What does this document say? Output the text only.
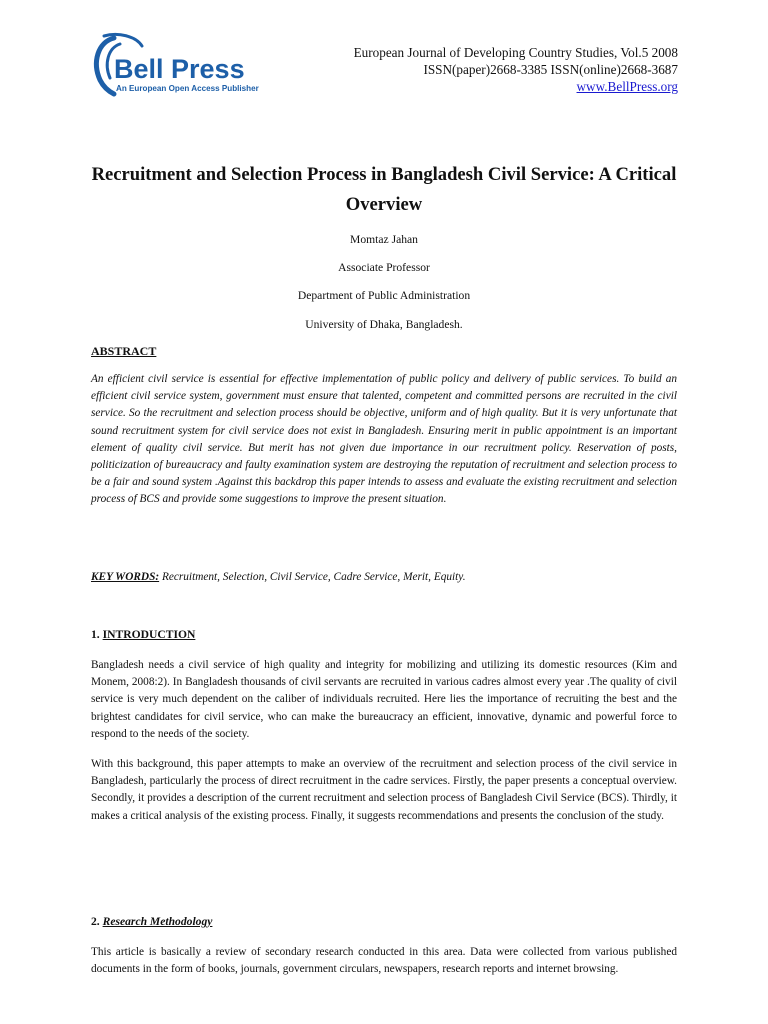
Bell Press
An European Open Access Publisher
European Journal of Developing Country Studies, Vol.5 2008
ISSN(paper)2668-3385 ISSN(online)2668-3687
www.BellPress.org
Recruitment and Selection Process in Bangladesh Civil Service: A Critical Overview
Momtaz Jahan
Associate Professor
Department of Public Administration
University of Dhaka, Bangladesh.
ABSTRACT
An efficient civil service is essential for effective implementation of public policy and delivery of public services. To build an efficient civil service system, government must ensure that talented, competent and committed persons are recruited in the civil service. So the recruitment and selection process should be objective, uniform and of high quality. But it is very unfortunate that sound recruitment system for civil service does not exist in Bangladesh. Ensuring merit in public appointment is an important element of quality civil service. But merit has not given due importance in our recruitment policy. Reservation of posts, politicization of bureaucracy and faulty examination system are destroying the reputation of recruitment and selection process to be a fair and sound system .Against this backdrop this paper intends to assess and evaluate the existing recruitment and selection process of BCS and provide some suggestions to improve the present situation.
KEY WORDS: Recruitment, Selection, Civil Service, Cadre Service, Merit, Equity.
1. INTRODUCTION
Bangladesh needs a civil service of high quality and integrity for mobilizing and utilizing its domestic resources (Kim and Monem, 2008:2). In Bangladesh thousands of civil servants are recruited in various cadres almost every year .The quality of civil service is very much dependent on the caliber of individuals recruited. Here lies the importance of recruiting the best and the brightest candidates for civil service, who can make the bureaucracy an efficient, innovative, dynamic and powerful force to respond to the needs of the society.
With this background, this paper attempts to make an overview of the recruitment and selection process of the civil service in Bangladesh, particularly the process of direct recruitment in the cadre services. Firstly, the paper presents a conceptual overview. Secondly, it provides a description of the current recruitment and selection process of Bangladesh Civil Service (BCS). Thirdly, it makes a critical analysis of the existing process. Finally, it suggests recommendations and presents the conclusion of the study.
2. Research Methodology
This article is basically a review of secondary research conducted in this area. Data were collected from various published documents in the form of books, journals, government circulars, newspapers, research reports and internet browsing.
